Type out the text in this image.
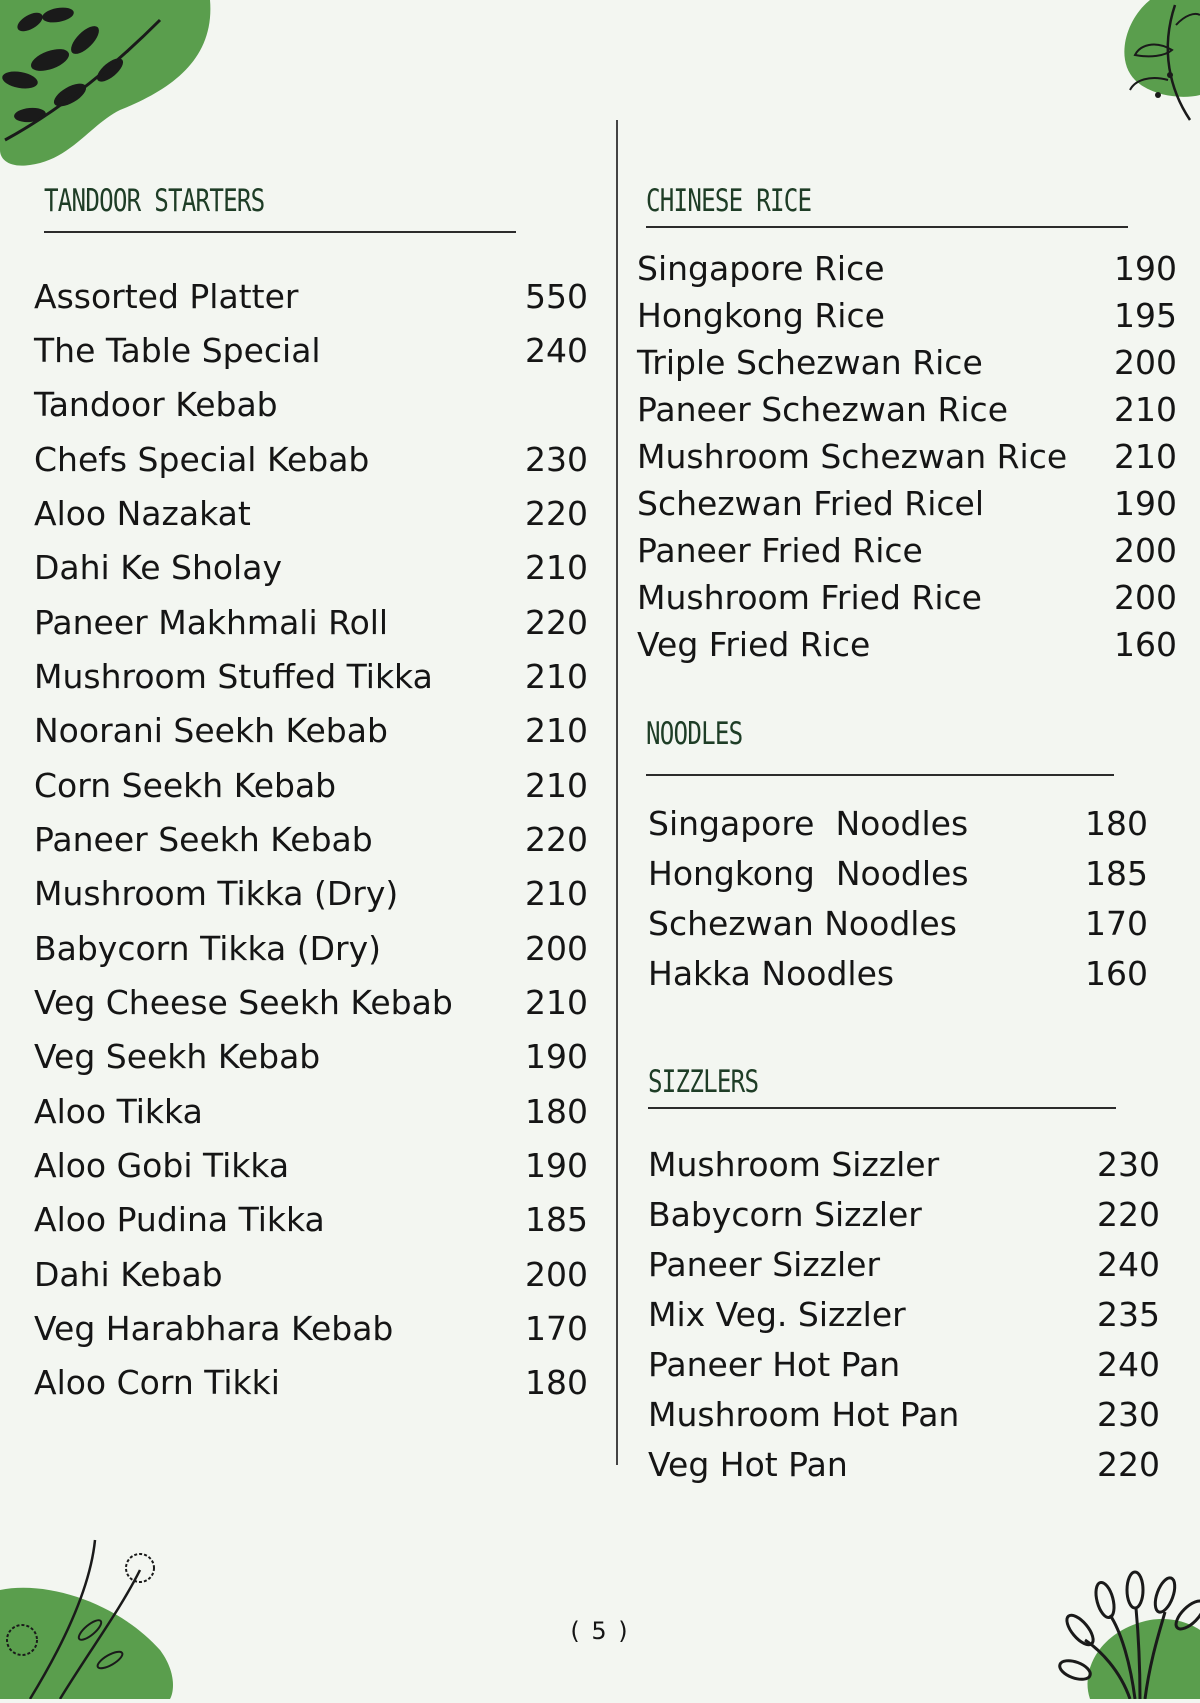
TANDOOR STARTERS
Assorted Platter	550
The Table Special	240
Tandoor Kebab
Chefs Special Kebab	230
Aloo Nazakat	220
Dahi Ke Sholay	210
Paneer Makhmali Roll	220
Mushroom Stuffed Tikka	210
Noorani Seekh Kebab	210
Corn Seekh Kebab	210
Paneer Seekh Kebab	220
Mushroom Tikka (Dry)	210
Babycorn Tikka (Dry)	200
Veg Cheese Seekh Kebab 210
Veg Seekh Kebab	190
Aloo Tikka	180
Aloo Gobi Tikka	190
Aloo Pudina Tikka	185
Dahi Kebab	200
Veg Harabhara Kebab	170
Aloo Corn Tikki	180
CHINESE RICE
Singapore Rice	190
Hongkong Rice	195
Triple Schezwan Rice	200
Paneer Schezwan Rice	210
Mushroom Schezwan Rice 210
Schezwan Fried Ricel	190
Paneer Fried Rice	200
Mushroom Fried Rice	200
Veg Fried Rice	160
NOODLES
Singapore  Noodles	180
Hongkong  Noodles	185
Schezwan Noodles	170
Hakka Noodles	160
SIZZLERS
Mushroom Sizzler	230
Babycorn Sizzler	220
Paneer Sizzler	240
Mix Veg. Sizzler	235
Paneer Hot Pan	240
Mushroom Hot Pan	230
Veg Hot Pan	220
( 5 )
